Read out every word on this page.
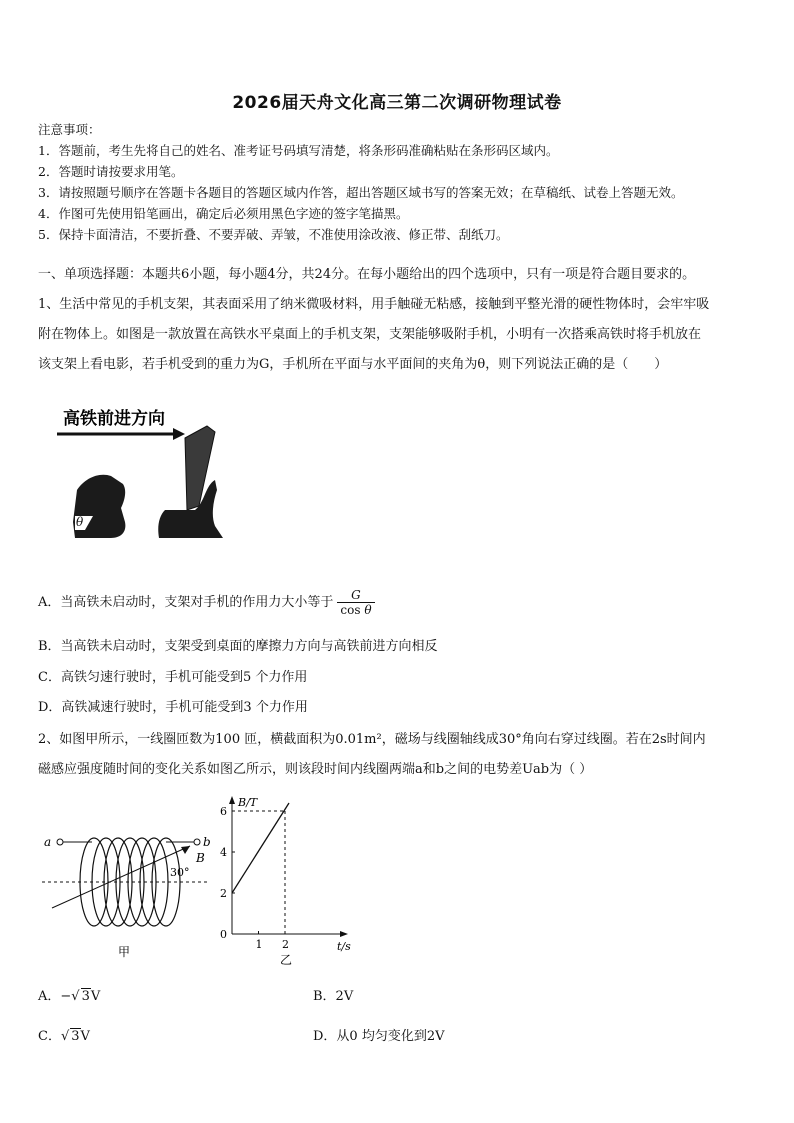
2026届天舟文化高三第二次调研物理试卷
注意事项：
1．答题前，考生先将自己的姓名、准考证号码填写清楚，将条形码准确粘贴在条形码区域内。
2．答题时请按要求用笔。
3．请按照题号顺序在答题卡各题目的答题区域内作答，超出答题区域书写的答案无效；在草稿纸、试卷上答题无效。
4．作图可先使用铅笔画出，确定后必须用黑色字迹的签字笔描黑。
5．保持卡面清洁，不要折叠、不要弄破、弄皱，不准使用涂改液、修正带、刮纸刀。
一、单项选择题：本题共6小题，每小题4分，共24分。在每小题给出的四个选项中，只有一项是符合题目要求的。
1、生活中常见的手机支架，其表面采用了纳米微吸材料，用手触碰无粘感，接触到平整光滑的硬性物体时，会牢牢吸
附在物体上。如图是一款放置在高铁水平桌面上的手机支架，支架能够吸附手机，小明有一次搭乘高铁时将手机放在
该支架上看电影，若手机受到的重力为G，手机所在平面与水平面间的夹角为θ，则下列说法正确的是（　　）
高铁前进方向
θ
A．当高铁未启动时，支架对手机的作用力大小等于 $\frac{G}{\text{cos θ}}$
B．当高铁未启动时，支架受到桌面的摩擦力方向与高铁前进方向相反
C．高铁匀速行驶时，手机可能受到5 个力作用
D．高铁减速行驶时，手机可能受到3 个力作用
2、如图甲所示，一线圈匝数为100 匝，横截面积为0.01m²，磁场与线圈轴线成30°角向右穿过线圈。若在2s时间内
磁感应强度随时间的变化关系如图乙所示，则该段时间内线圈两端a和b之间的电势差Uab为（ ）
a	b
B
30°
甲
B/T
t/s
0
1 2
2
4
6
乙
A．−√ 3V	B．2V
C．√ 3V	D．从0 均匀变化到2V
